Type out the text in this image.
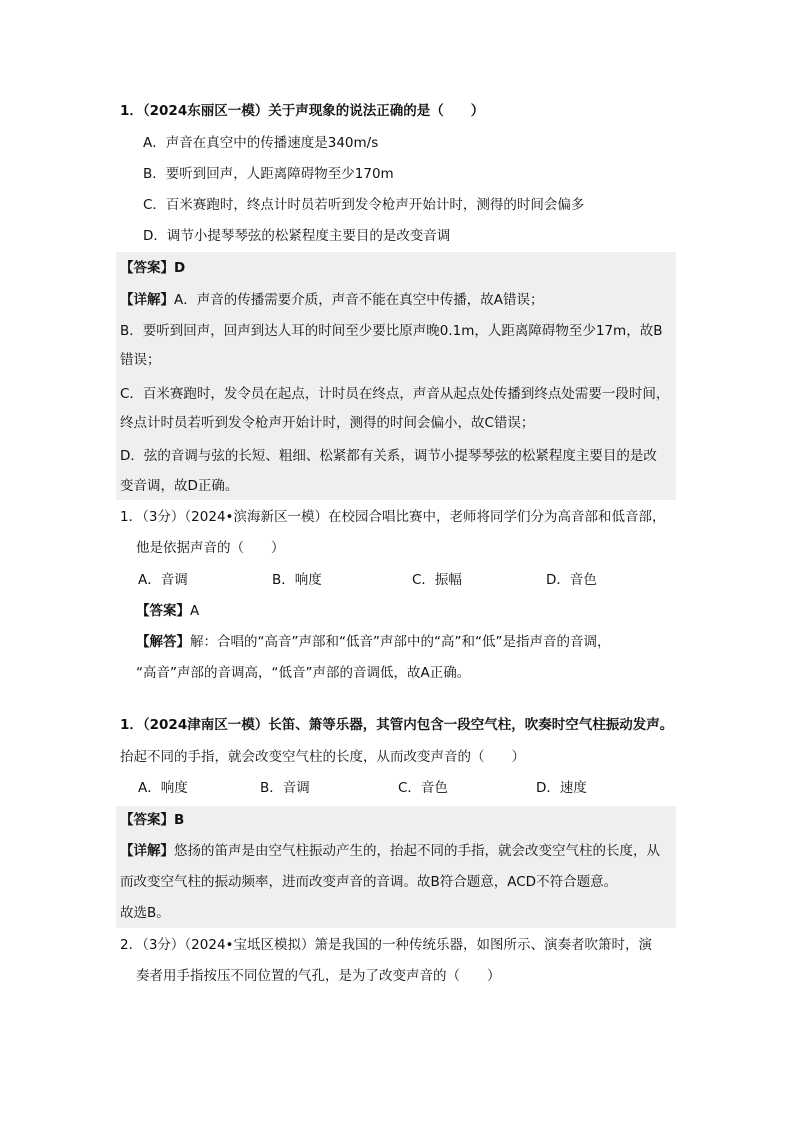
1．（2024东丽区一模）关于声现象的说法正确的是（　　）
A．声音在真空中的传播速度是340m/s
B．要听到回声，人距离障碍物至少170m
C．百米赛跑时，终点计时员若听到发令枪声开始计时，测得的时间会偏多
D．调节小提琴琴弦的松紧程度主要目的是改变音调
【答案】D
【详解】A．声音的传播需要介质，声音不能在真空中传播，故A错误；
B．要听到回声，回声到达人耳的时间至少要比原声晚0.1m，人距离障碍物至少17m，故B
错误；
C．百米赛跑时，发令员在起点，计时员在终点，声音从起点处传播到终点处需要一段时间，
终点计时员若听到发令枪声开始计时，测得的时间会偏小，故C错误；
D．弦的音调与弦的长短、粗细、松紧都有关系，调节小提琴琴弦的松紧程度主要目的是改
变音调，故D正确。
1．（3分）（2024•滨海新区一模）在校园合唱比赛中，老师将同学们分为高音部和低音部，
他是依据声音的（　　）
A．音调	B．响度	C．振幅	D．音色
【答案】A
【解答】解：合唱的“高音”声部和“低音”声部中的“高”和“低”是指声音的音调，
“高音”声部的音调高，“低音”声部的音调低，故A正确。
1．（2024津南区一模）长笛、箫等乐器，其管内包含一段空气柱，吹奏时空气柱振动发声。
抬起不同的手指，就会改变空气柱的长度，从而改变声音的（　　）
A．响度	B．音调	C．音色	D．速度
【答案】B
【详解】悠扬的笛声是由空气柱振动产生的，抬起不同的手指，就会改变空气柱的长度，从
而改变空气柱的振动频率，进而改变声音的音调。故B符合题意，ACD不符合题意。
故选B。
2．（3分）（2024•宝坻区模拟）箫是我国的一种传统乐器，如图所示、演奏者吹箫时，演
奏者用手指按压不同位置的气孔，是为了改变声音的（　　）
